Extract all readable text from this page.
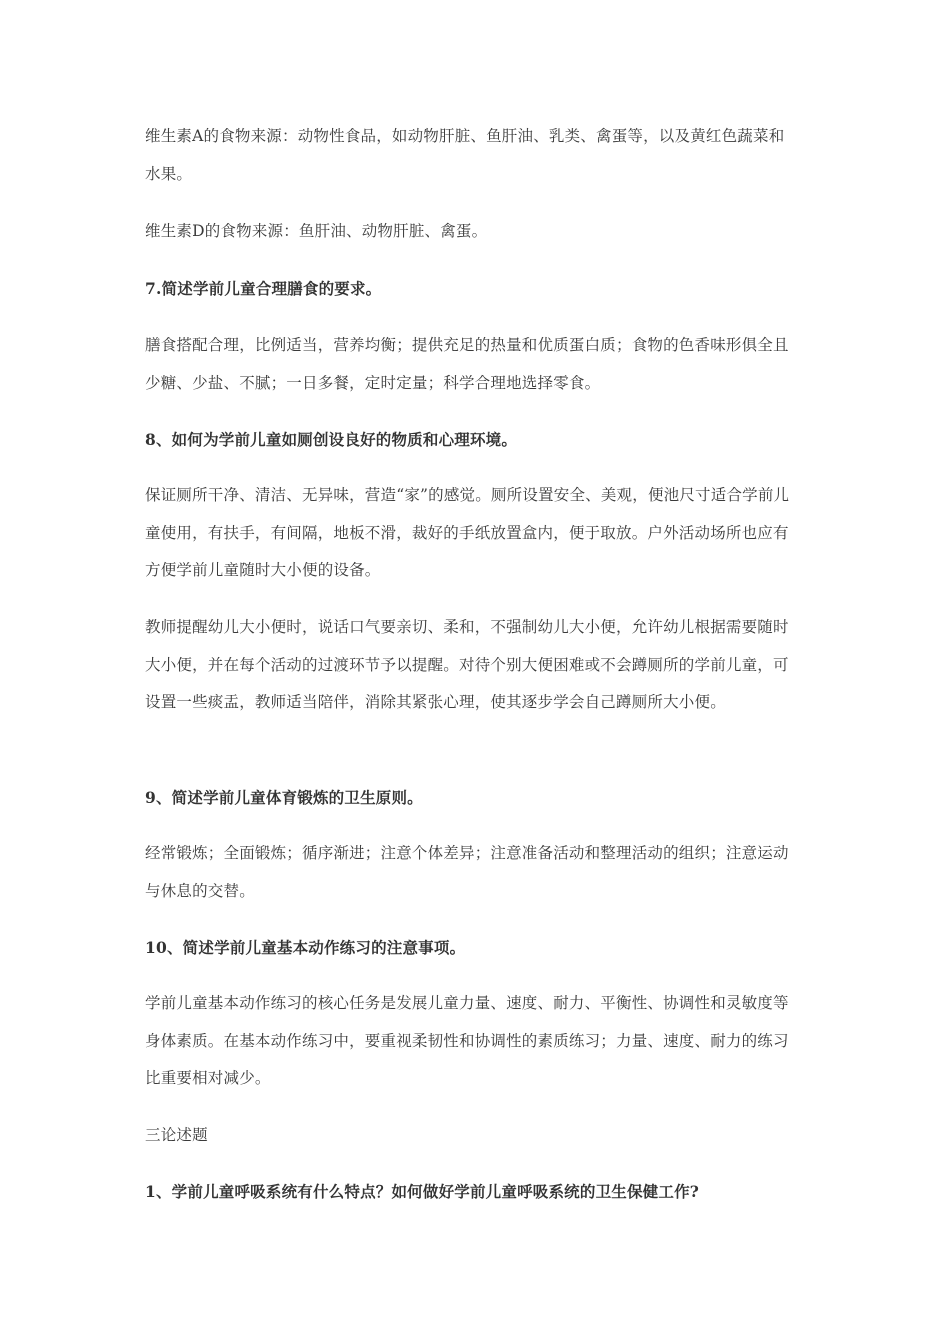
维生素A的食物来源：动物性食品，如动物肝脏、鱼肝油、乳类、禽蛋等，以及黄红色蔬菜和水果。

维生素D的食物来源：鱼肝油、动物肝脏、禽蛋。

7.简述学前儿童合理膳食的要求。

膳食搭配合理，比例适当，营养均衡；提供充足的热量和优质蛋白质；食物的色香味形俱全且少糖、少盐、不腻；一日多餐，定时定量；科学合理地选择零食。

8、如何为学前儿童如厕创设良好的物质和心理环境。

保证厕所干净、清洁、无异味，营造“家”的感觉。厕所设置安全、美观，便池尺寸适合学前儿童使用，有扶手，有间隔，地板不滑，裁好的手纸放置盒内，便于取放。户外活动场所也应有方便学前儿童随时大小便的设备。

教师提醒幼儿大小便时，说话口气要亲切、柔和，不强制幼儿大小便，允许幼儿根据需要随时大小便，并在每个活动的过渡环节予以提醒。对待个别大便困难或不会蹲厕所的学前儿童，可设置一些痰盂，教师适当陪伴，消除其紧张心理，使其逐步学会自己蹲厕所大小便。

9、简述学前儿童体育锻炼的卫生原则。

经常锻炼；全面锻炼；循序渐进；注意个体差异；注意准备活动和整理活动的组织；注意运动与休息的交替。

10、简述学前儿童基本动作练习的注意事项。

学前儿童基本动作练习的核心任务是发展儿童力量、速度、耐力、平衡性、协调性和灵敏度等身体素质。在基本动作练习中，要重视柔韧性和协调性的素质练习；力量、速度、耐力的练习比重要相对减少。

三论述题

1、学前儿童呼吸系统有什么特点？如何做好学前儿童呼吸系统的卫生保健工作?
